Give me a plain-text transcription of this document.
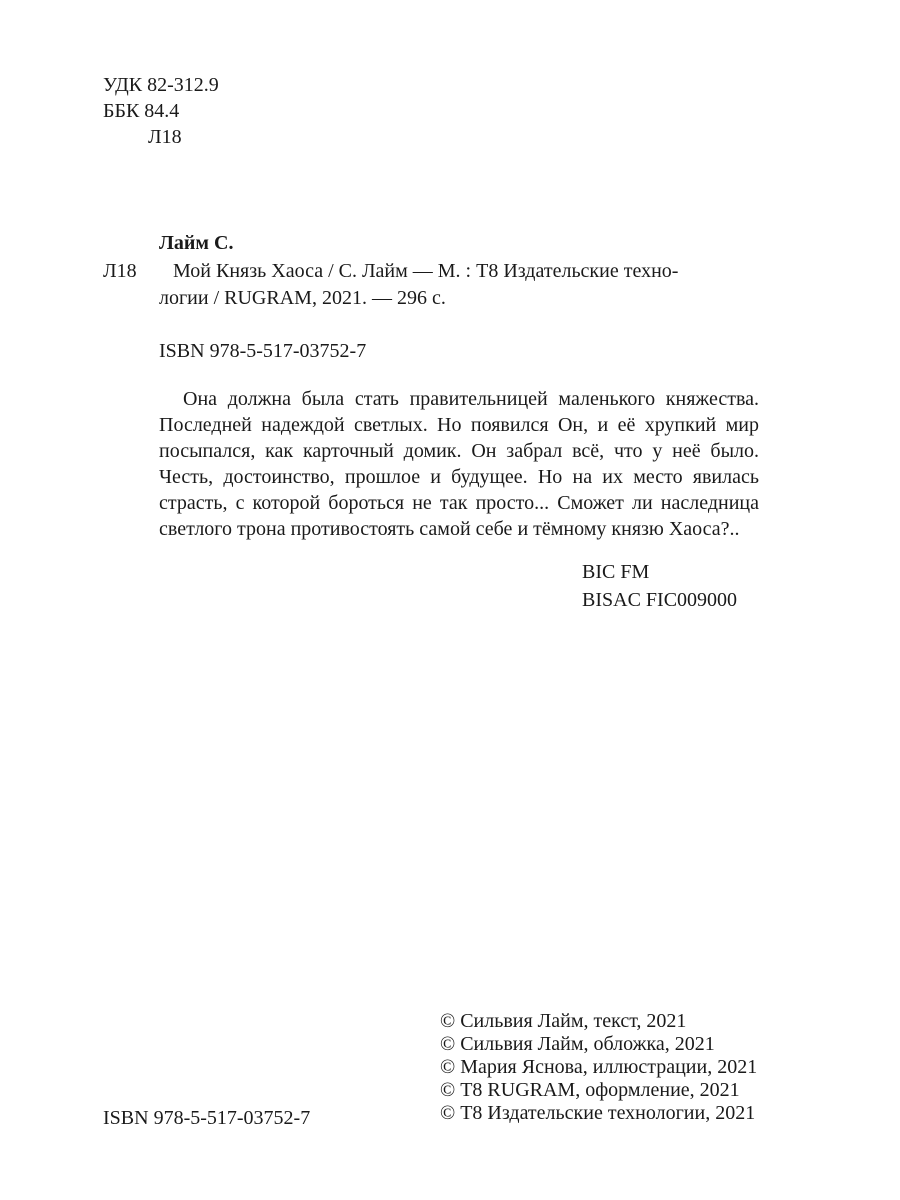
УДК 82-312.9

ББК 84.4

Л18

Лайм С.

Л18 Мой Князь Хаоса / С. Лайм — М. : Т8 Издательские техно-

логии / RUGRAM, 2021. — 296 с.

ISBN 978-5-517-03752-7

Она должна была стать правительницей маленького княжества.
Последней надеждой светлых. Но появился Он, и её хрупкий мир
посыпался, как карточный домик. Он забрал всё, что у неё было.
Честь, достоинство, прошлое и будущее. Но на их место явилась
страсть, с которой бороться не так просто... Сможет ли наследница
светлого трона противостоять самой себе и тёмному князю Хаоса?..

BIC FM

BISAC FIC009000

© Сильвия Лайм, текст, 2021
© Сильвия Лайм, обложка, 2021
© Мария Яснова, иллюстрации, 2021
© Т8 RUGRAM, оформление, 2021
© Т8 Издательские технологии, 2021

ISBN 978-5-517-03752-7
